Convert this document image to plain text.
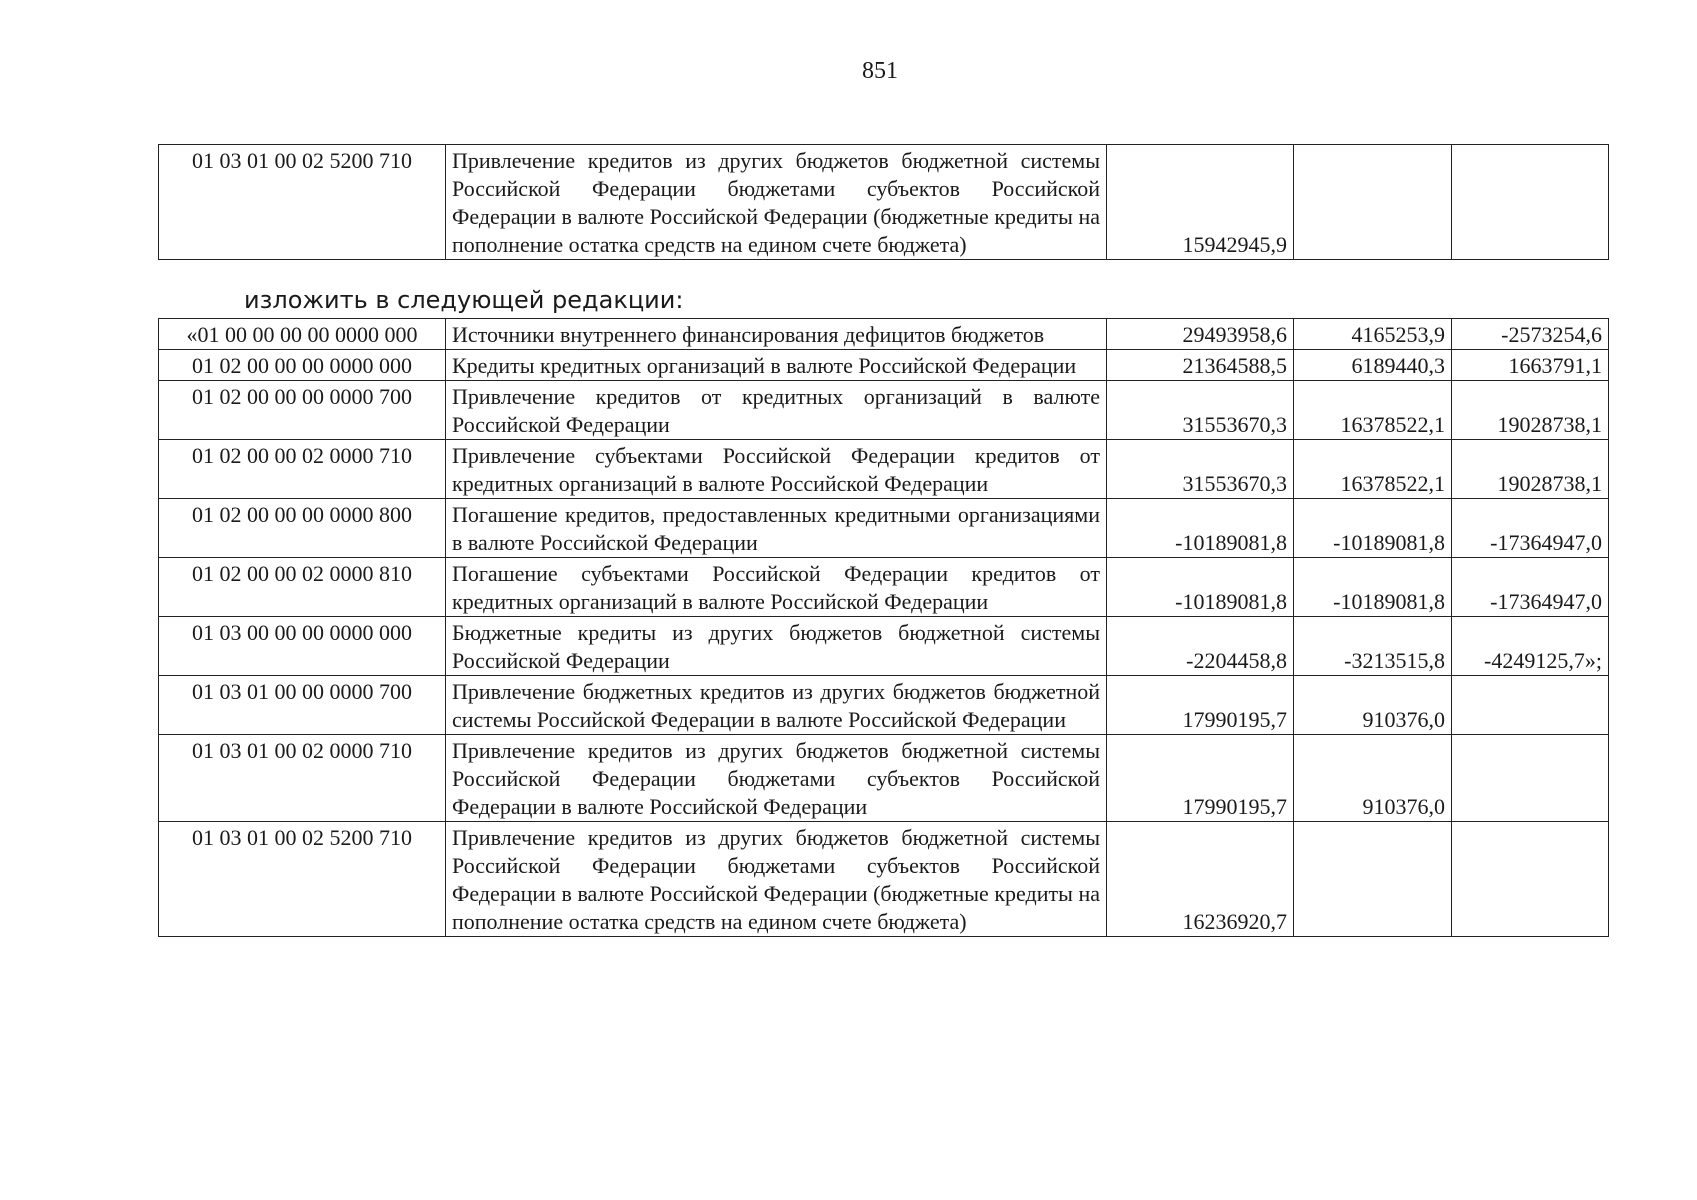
851
01 03 01 00 02 5200 710	Привлечение кредитов из других бюджетов бюджетной системы Российской Федерации бюджетами субъектов Российской Федерации в валюте Российской Федерации (бюджетные кредиты на пополнение остатка средств на едином счете бюджета)	15942945,9		
изложить в следующей редакции:
«01 00 00 00 00 0000 000	Источники внутреннего финансирования дефицитов бюджетов	29493958,6	4165253,9	-2573254,6
01 02 00 00 00 0000 000	Кредиты кредитных организаций в валюте Российской Федерации	21364588,5	6189440,3	1663791,1
01 02 00 00 00 0000 700	Привлечение кредитов от кредитных организаций в валюте Российской Федерации	31553670,3	16378522,1	19028738,1
01 02 00 00 02 0000 710	Привлечение субъектами Российской Федерации кредитов от кредитных организаций в валюте Российской Федерации	31553670,3	16378522,1	19028738,1
01 02 00 00 00 0000 800	Погашение кредитов, предоставленных кредитными организациями в валюте Российской Федерации	-10189081,8	-10189081,8	-17364947,0
01 02 00 00 02 0000 810	Погашение субъектами Российской Федерации кредитов от кредитных организаций в валюте Российской Федерации	-10189081,8	-10189081,8	-17364947,0
01 03 00 00 00 0000 000	Бюджетные кредиты из других бюджетов бюджетной системы Российской Федерации	-2204458,8	-3213515,8	-4249125,7»;
01 03 01 00 00 0000 700	Привлечение бюджетных кредитов из других бюджетов бюджетной системы Российской Федерации в валюте Российской Федерации	17990195,7	910376,0	
01 03 01 00 02 0000 710	Привлечение кредитов из других бюджетов бюджетной системы Российской Федерации бюджетами субъектов Российской Федерации в валюте Российской Федерации	17990195,7	910376,0	
01 03 01 00 02 5200 710	Привлечение кредитов из других бюджетов бюджетной системы Российской Федерации бюджетами субъектов Российской Федерации в валюте Российской Федерации (бюджетные кредиты на пополнение остатка средств на едином счете бюджета)	16236920,7		
